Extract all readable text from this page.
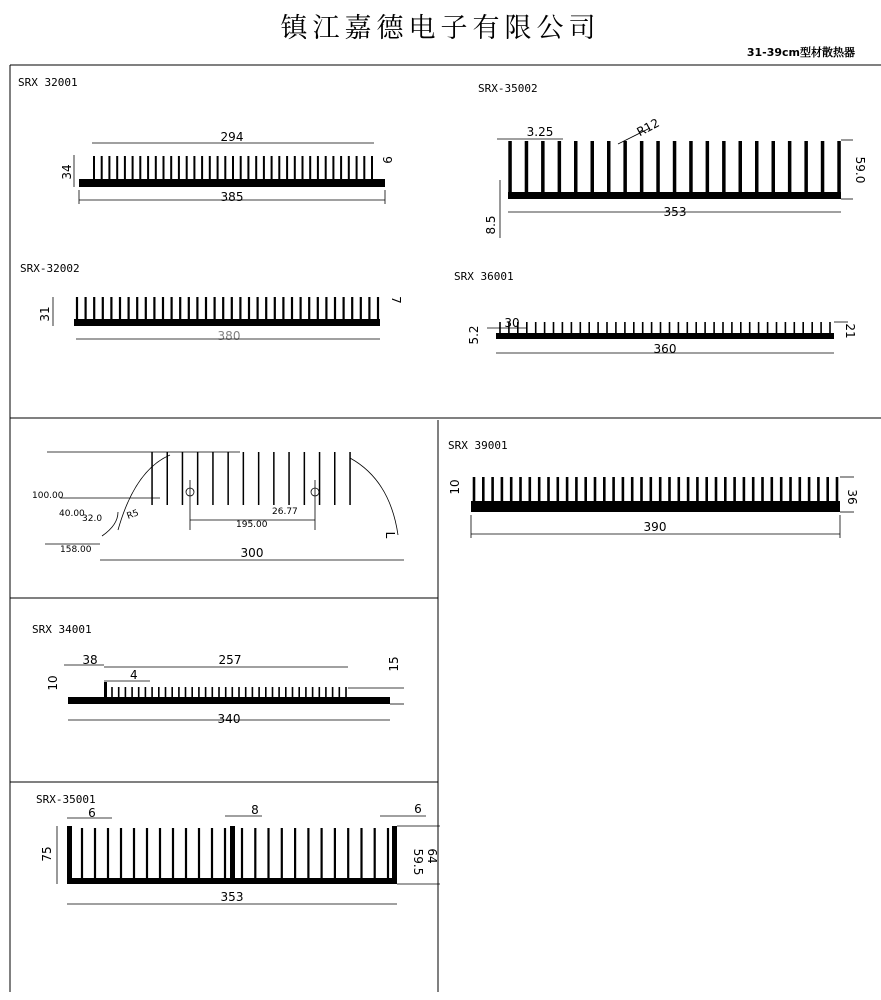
镇江嘉德电子有限公司
31-39cm型材散热器
SRX 32001
294
385
34
9
SRX-32002
380
31
7
SRX-35002
3.25	R12
353
59.0
8.5
SRX 36001
30
360
5.2	21
100.00
40.00
32.0	R5
158.00
26.77
195.00
300
L
SRX 39001
390
10
36
SRX 34001
38	257
4
10
15
340
SRX-35001
6	8	6
75	59.5 64
353
